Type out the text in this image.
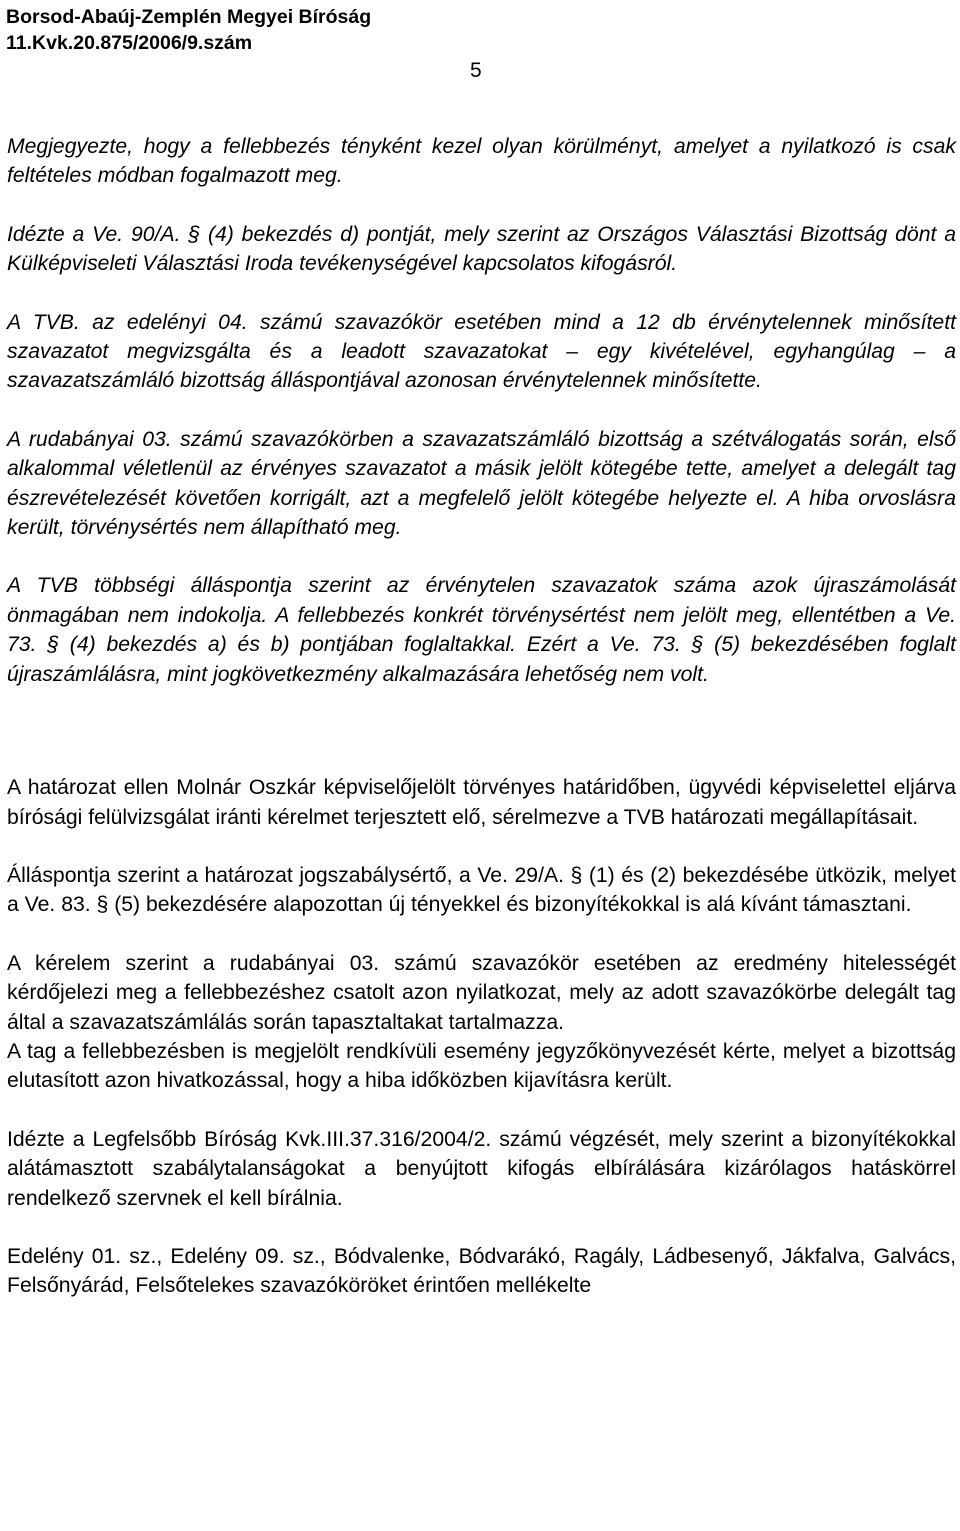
Borsod-Abaúj-Zemplén Megyei Bíróság
11.Kvk.20.875/2006/9.szám
5

Megjegyezte, hogy a fellebbezés tényként kezel olyan körülményt, amelyet a nyilatkozó is csak feltételes módban fogalmazott meg.

Idézte a Ve. 90/A. § (4) bekezdés d) pontját, mely szerint az Országos Választási Bizottság dönt a Külképviseleti Választási Iroda tevékenységével kapcsolatos kifogásról.

A TVB. az edelényi 04. számú szavazókör esetében mind a 12 db érvénytelennek minősített szavazatot megvizsgálta és a leadott szavazatokat – egy kivételével, egyhangúlag – a szavazatszámláló bizottság álláspontjával azonosan érvénytelennek minősítette.

A rudabányai 03. számú szavazókörben a szavazatszámláló bizottság a szétválogatás során, első alkalommal véletlenül az érvényes szavazatot a másik jelölt kötegébe tette, amelyet a delegált tag észrevételezését követően korrigált, azt a megfelelő jelölt kötegébe helyezte el. A hiba orvoslásra került, törvénysértés nem állapítható meg.

A TVB többségi álláspontja szerint az érvénytelen szavazatok száma azok újraszámolását önmagában nem indokolja. A fellebbezés konkrét törvénysértést nem jelölt meg, ellentétben a Ve. 73. § (4) bekezdés a) és b) pontjában foglaltakkal. Ezért a Ve. 73. § (5) bekezdésében foglalt újraszámlálásra, mint jogkövetkezmény alkalmazására lehetőség nem volt.

A határozat ellen Molnár Oszkár képviselőjelölt törvényes határidőben, ügyvédi képviselettel eljárva bírósági felülvizsgálat iránti kérelmet terjesztett elő, sérelmezve a TVB határozati megállapításait.

Álláspontja szerint a határozat jogszabálysértő, a Ve. 29/A. § (1) és (2) bekezdésébe ütközik, melyet a Ve. 83. § (5) bekezdésére alapozottan új tényekkel és bizonyítékokkal is alá kívánt támasztani.

A kérelem szerint a rudabányai 03. számú szavazókör esetében az eredmény hitelességét kérdőjelezi meg a fellebbezéshez csatolt azon nyilatkozat, mely az adott szavazókörbe delegált tag által a szavazatszámlálás során tapasztaltakat tartalmazza.

A tag a fellebbezésben is megjelölt rendkívüli esemény jegyzőkönyvezését kérte, melyet a bizottság elutasított azon hivatkozással, hogy a hiba időközben kijavításra került.

Idézte a Legfelsőbb Bíróság Kvk.III.37.316/2004/2. számú végzését, mely szerint a bizonyítékokkal alátámasztott szabálytalanságokat a benyújtott kifogás elbírálására kizárólagos hatáskörrel rendelkező szervnek el kell bírálnia.

Edelény 01. sz., Edelény 09. sz., Bódvalenke, Bódvarákó, Ragály, Ládbesenyő, Jákfalva, Galvács, Felsőnyárád, Felsőtelekes szavazóköröket érintően mellékelte
